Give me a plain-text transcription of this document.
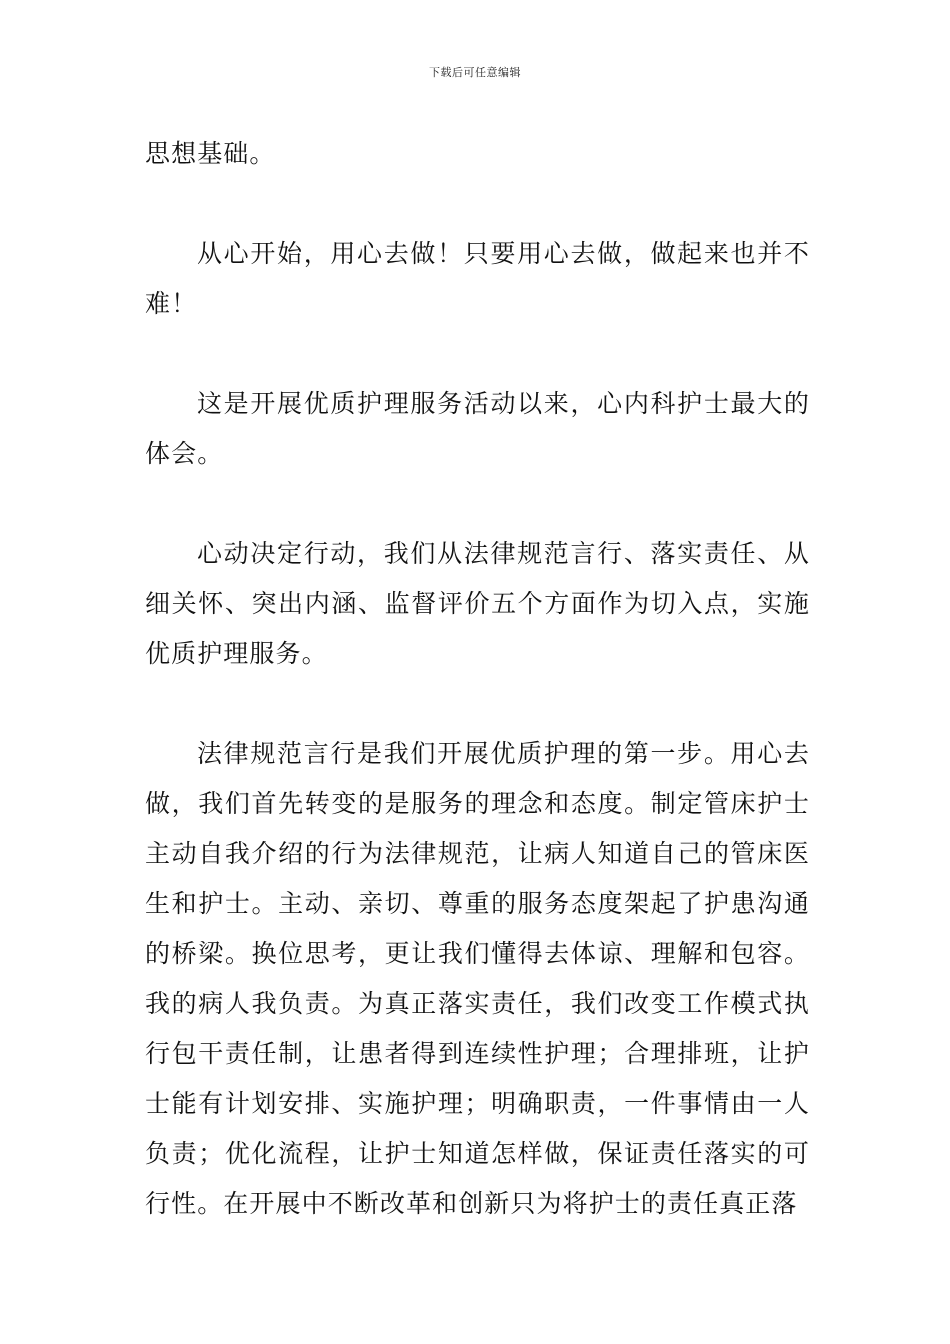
下载后可任意编辑

思想基础。

从心开始，用心去做！只要用心去做，做起来也并不难！

这是开展优质护理服务活动以来，心内科护士最大的体会。

心动决定行动，我们从法律规范言行、落实责任、从细关怀、突出内涵、监督评价五个方面作为切入点，实施优质护理服务。

法律规范言行是我们开展优质护理的第一步。用心去做，我们首先转变的是服务的理念和态度。制定管床护士主动自我介绍的行为法律规范，让病人知道自己的管床医生和护士。主动、亲切、尊重的服务态度架起了护患沟通的桥梁。换位思考，更让我们懂得去体谅、理解和包容。我的病人我负责。为真正落实责任，我们改变工作模式执行包干责任制，让患者得到连续性护理；合理排班，让护士能有计划安排、实施护理；明确职责，一件事情由一人负责；优化流程，让护士知道怎样做，保证责任落实的可行性。在开展中不断改革和创新只为将护士的责任真正落
